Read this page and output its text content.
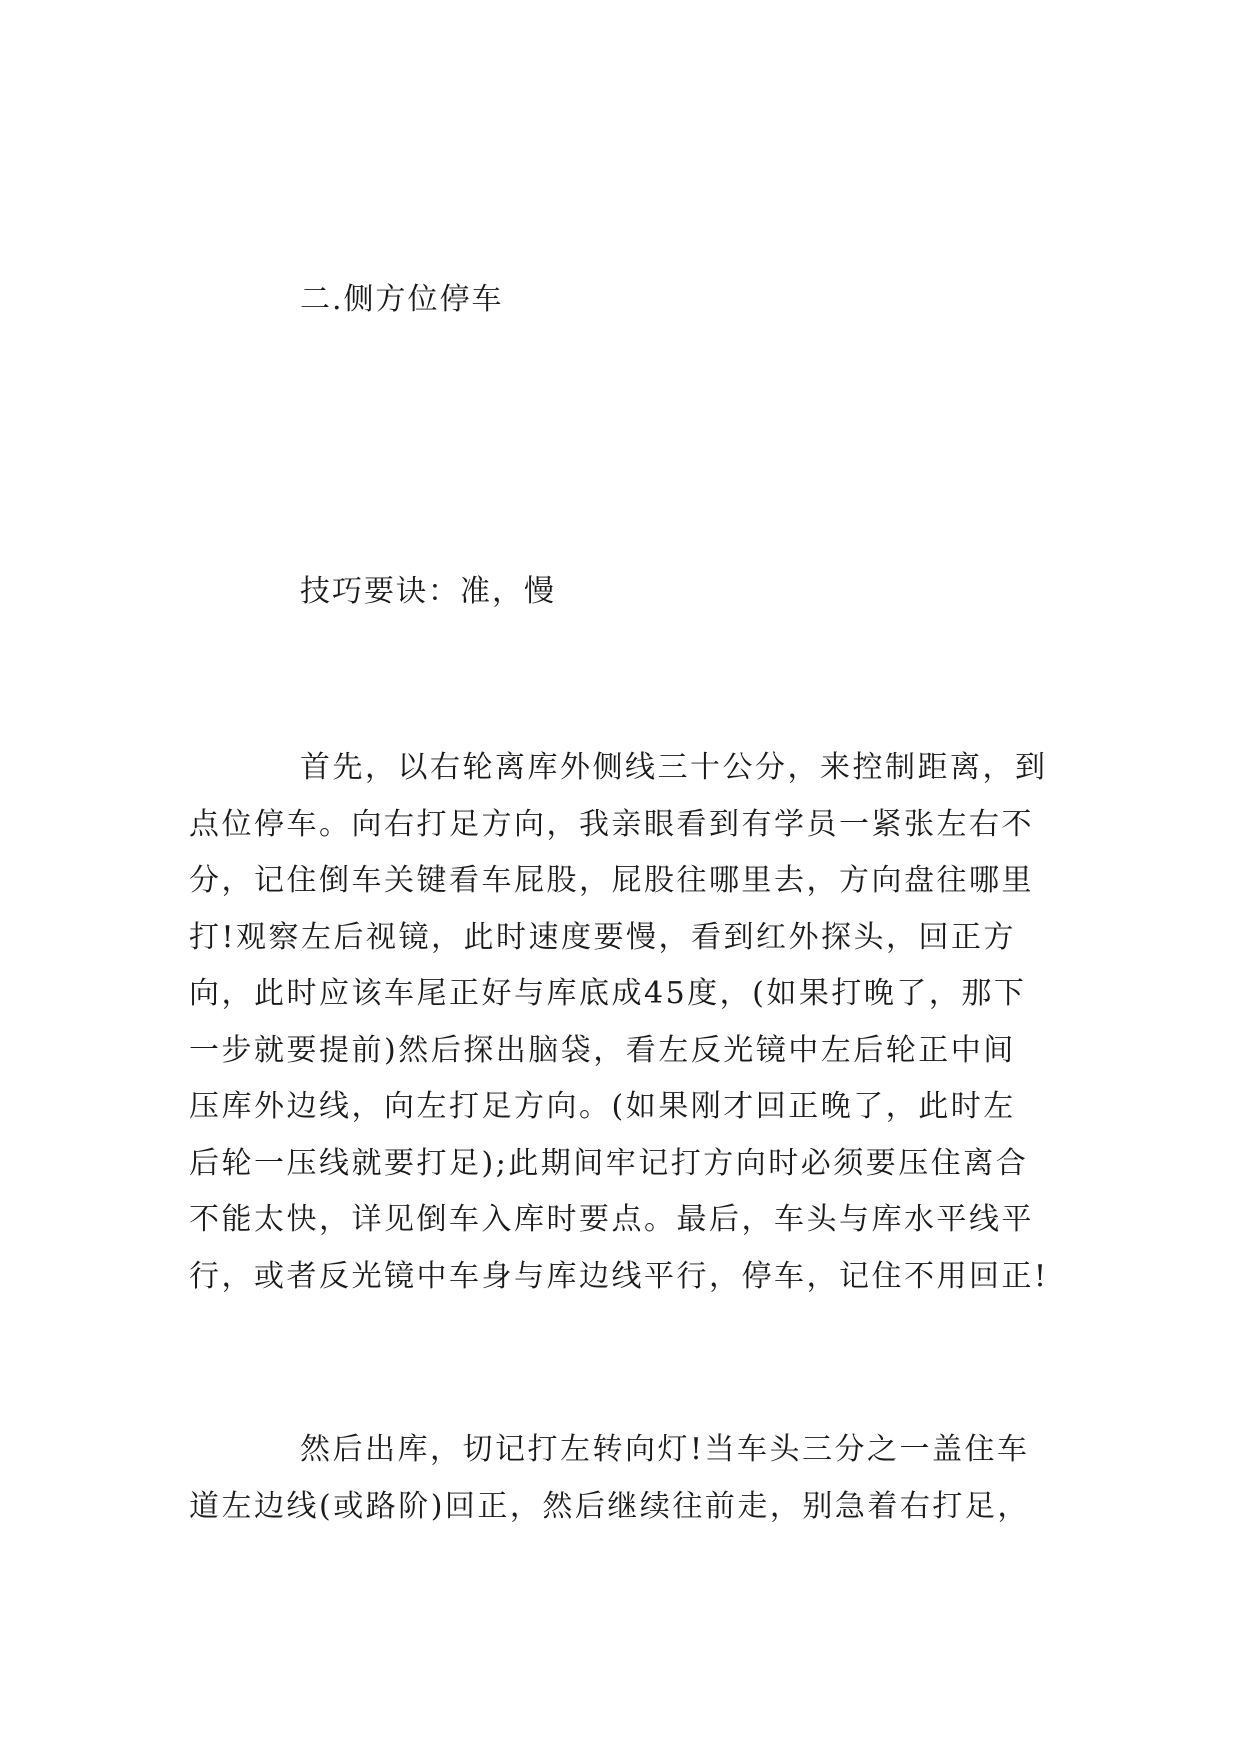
二.侧方位停车
技巧要诀：准，慢
首先，以右轮离库外侧线三十公分，来控制距离，到
点位停车。向右打足方向，我亲眼看到有学员一紧张左右不
分，记住倒车关键看车屁股，屁股往哪里去，方向盘往哪里
打!观察左后视镜，此时速度要慢，看到红外探头，回正方
向，此时应该车尾正好与库底成45度，(如果打晚了，那下
一步就要提前)然后探出脑袋，看左反光镜中左后轮正中间
压库外边线，向左打足方向。(如果刚才回正晚了，此时左
后轮一压线就要打足);此期间牢记打方向时必须要压住离合
不能太快，详见倒车入库时要点。最后，车头与库水平线平
行，或者反光镜中车身与库边线平行，停车，记住不用回正!
然后出库，切记打左转向灯!当车头三分之一盖住车
道左边线(或路阶)回正，然后继续往前走，别急着右打足，
